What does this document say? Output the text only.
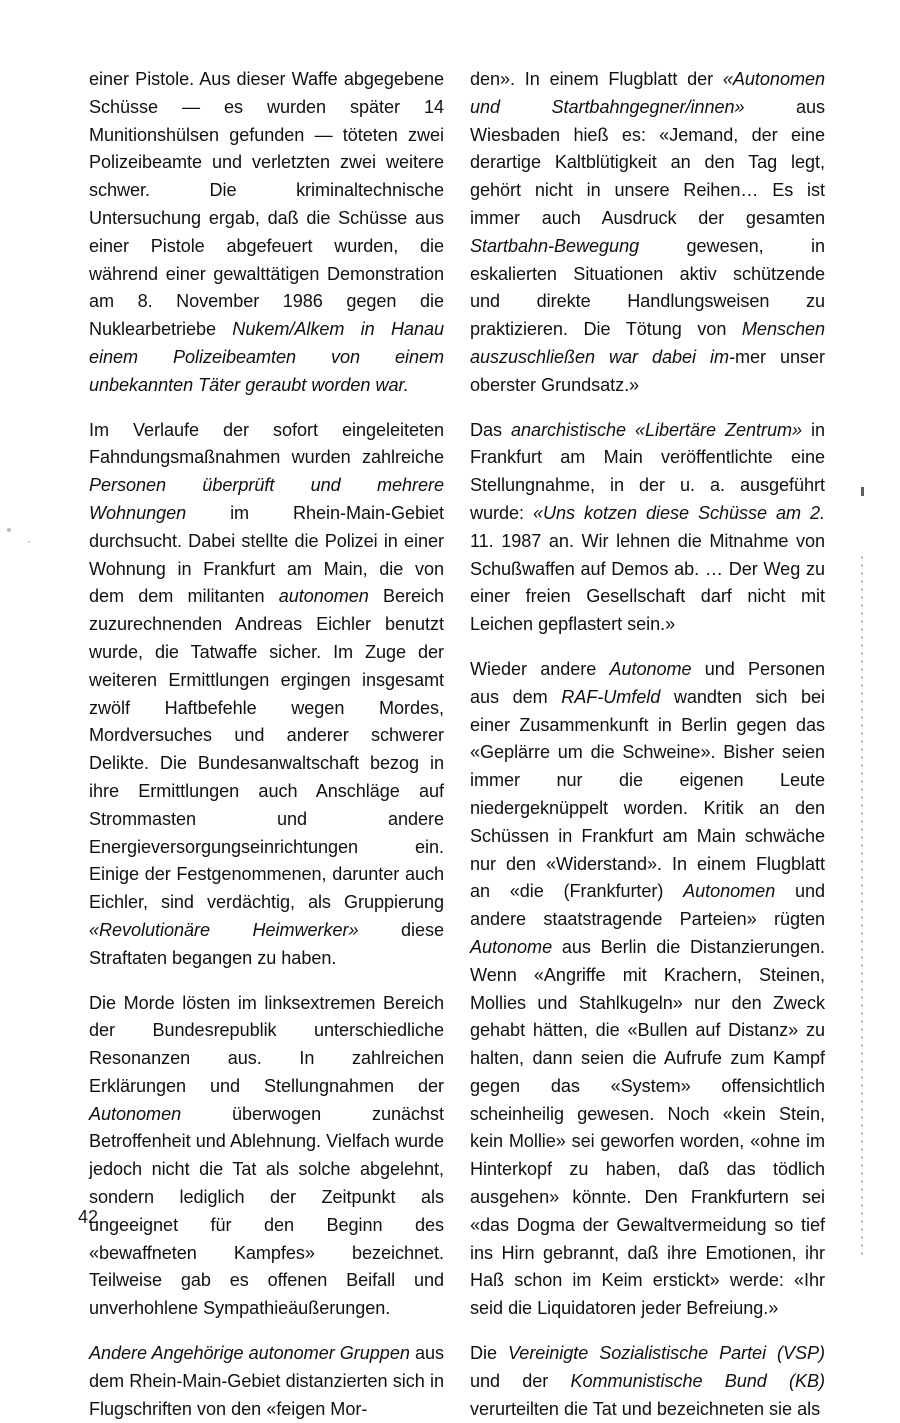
einer Pistole. Aus dieser Waffe abgegebene Schüsse — es wurden später 14 Munitionshülsen gefunden — töteten zwei Polizeibeamte und verletzten zwei weitere schwer. Die kriminaltechnische Untersuchung ergab, daß die Schüsse aus einer Pistole abgefeuert wurden, die während einer gewalttätigen Demonstration am 8. November 1986 gegen die Nuklearbetriebe Nukem/Alkem in Hanau einem Polizeibeamten von einem unbekannten Täter geraubt worden war.

Im Verlaufe der sofort eingeleiteten Fahndungsmaßnahmen wurden zahlreiche Personen überprüft und mehrere Wohnungen im Rhein-Main-Gebiet durchsucht. Dabei stellte die Polizei in einer Wohnung in Frankfurt am Main, die von dem dem militanten autonomen Bereich zuzurechnenden Andreas Eichler benutzt wurde, die Tatwaffe sicher. Im Zuge der weiteren Ermittlungen ergingen insgesamt zwölf Haftbefehle wegen Mordes, Mordversuches und anderer schwerer Delikte. Die Bundesanwaltschaft bezog in ihre Ermittlungen auch Anschläge auf Strommasten und andere Energieversorgungseinrichtungen ein. Einige der Festgenommenen, darunter auch Eichler, sind verdächtig, als Gruppierung «Revolutionäre Heimwerker» diese Straftaten begangen zu haben.

Die Morde lösten im linksextremen Bereich der Bundesrepublik unterschiedliche Resonanzen aus. In zahlreichen Erklärungen und Stellungnahmen der Autonomen überwogen zunächst Betroffenheit und Ablehnung. Vielfach wurde jedoch nicht die Tat als solche abgelehnt, sondern lediglich der Zeitpunkt als ungeeignet für den Beginn des «bewaffneten Kampfes» bezeichnet. Teilweise gab es offenen Beifall und unverhohlene Sympathieäußerungen.

Andere Angehörige autonomer Gruppen aus dem Rhein-Main-Gebiet distanzierten sich in Flugschriften von den «feigen Mor-

den». In einem Flugblatt der «Autonomen und Startbahngegner/innen» aus Wiesbaden hieß es: «Jemand, der eine derartige Kaltblütigkeit an den Tag legt, gehört nicht in unsere Reihen… Es ist immer auch Ausdruck der gesamten Startbahn-Bewegung gewesen, in eskalierten Situationen aktiv schützende und direkte Handlungsweisen zu praktizieren. Die Tötung von Menschen auszuschließen war dabei im-mer unser oberster Grundsatz.»

Das anarchistische «Libertäre Zentrum» in Frankfurt am Main veröffentlichte eine Stellungnahme, in der u. a. ausgeführt wurde: «Uns kotzen diese Schüsse am 2. 11. 1987 an. Wir lehnen die Mitnahme von Schußwaffen auf Demos ab. … Der Weg zu einer freien Gesellschaft darf nicht mit Leichen gepflastert sein.»

Wieder andere Autonome und Personen aus dem RAF-Umfeld wandten sich bei einer Zusammenkunft in Berlin gegen das «Geplärre um die Schweine». Bisher seien immer nur die eigenen Leute niedergeknüppelt worden. Kritik an den Schüssen in Frankfurt am Main schwäche nur den «Widerstand». In einem Flugblatt an «die (Frankfurter) Autonomen und andere staatstragende Parteien» rügten Autonome aus Berlin die Distanzierungen. Wenn «Angriffe mit Krachern, Steinen, Mollies und Stahlkugeln» nur den Zweck gehabt hätten, die «Bullen auf Distanz» zu halten, dann seien die Aufrufe zum Kampf gegen das «System» offensichtlich scheinheilig gewesen. Noch «kein Stein, kein Mollie» sei geworfen worden, «ohne im Hinterkopf zu haben, daß das tödlich ausgehen» könnte. Den Frankfurtern sei «das Dogma der Gewaltvermeidung so tief ins Hirn gebrannt, daß ihre Emotionen, ihr Haß schon im Keim erstickt» werde: «Ihr seid die Liquidatoren jeder Befreiung.»

Die Vereinigte Sozialistische Partei (VSP) und der Kommunistische Bund (KB) verurteilten die Tat und bezeichneten sie als

42
